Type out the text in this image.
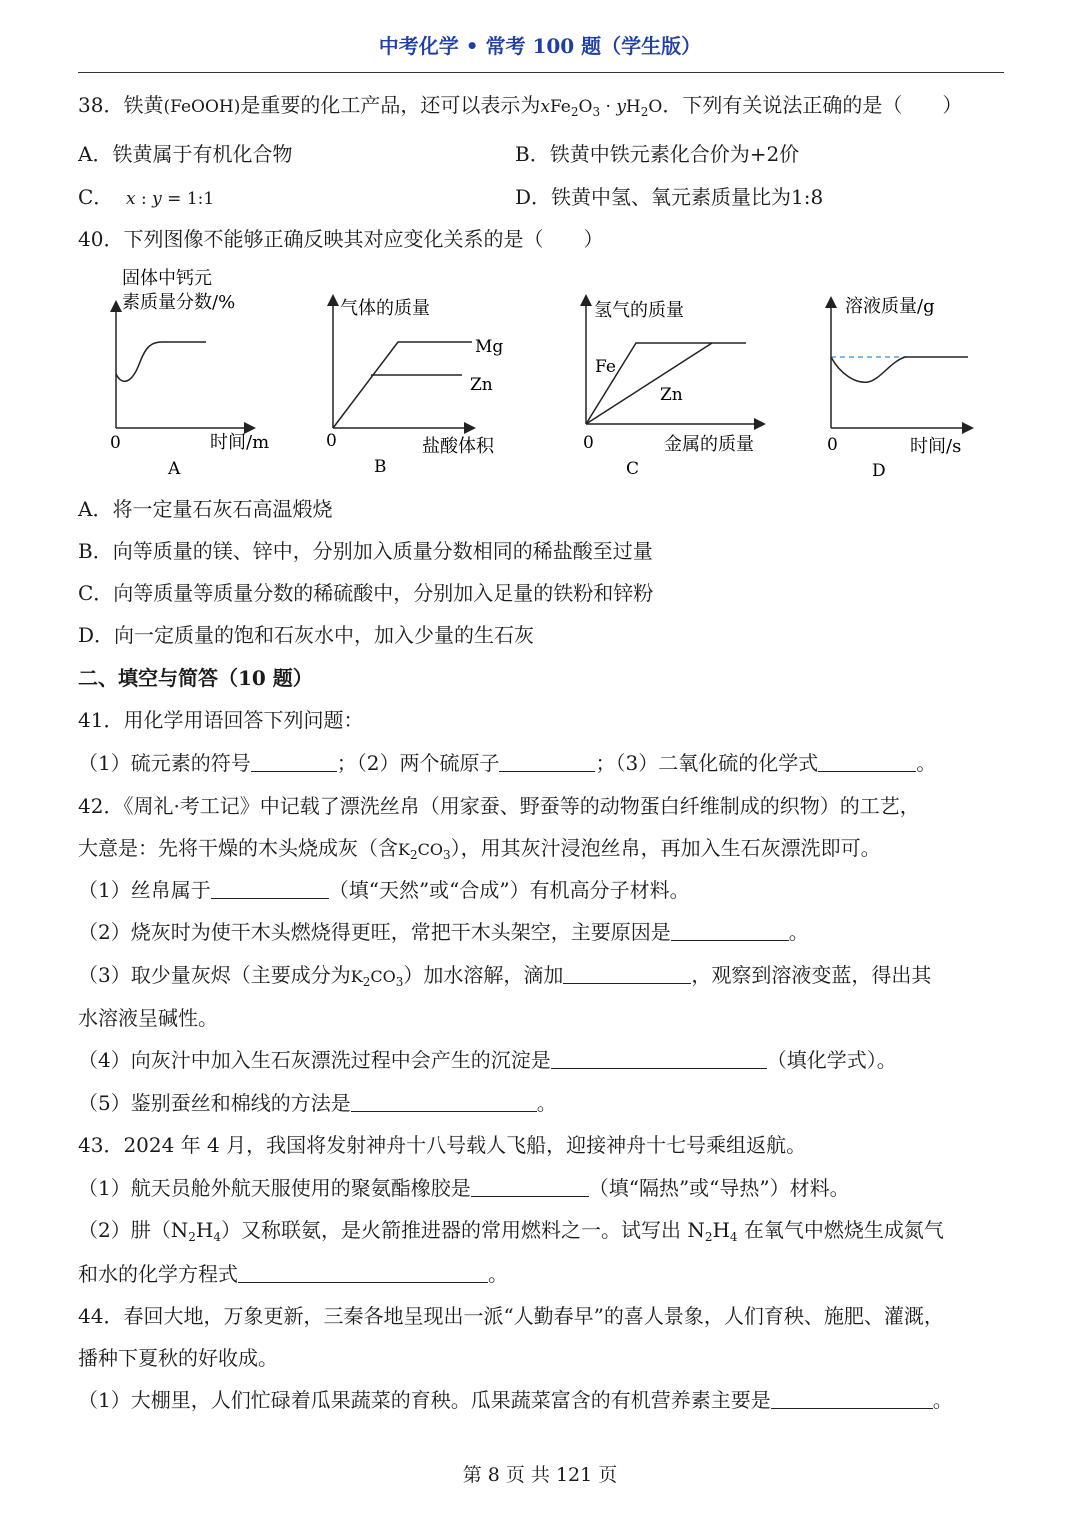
中考化学 • 常考 100 题（学生版）
38．铁黄(FeOOH)是重要的化工产品，还可以表示为$xFe_2O_3 \cdot yH_2O$．下列有关说法正确的是（　　）
A．铁黄属于有机化合物	B．铁黄中铁元素化合价为+2价
C． x : y = 1:1	D．铁黄中氢、氧元素质量比为1:8
40．下列图像不能够正确反映其对应变化关系的是（　　）
固体中钙元
素质量分数/%
0	时间/m
A
气体的质量
Mg
Zn
0	盐酸体积
B
氢气的质量
Fe
Zn
0	金属的质量
C
溶液质量/g
0	时间/s
D
A．将一定量石灰石高温煅烧
B．向等质量的镁、锌中，分别加入质量分数相同的稀盐酸至过量
C．向等质量等质量分数的稀硫酸中，分别加入足量的铁粉和锌粉
D．向一定质量的饱和石灰水中，加入少量的生石灰
二、填空与简答（10 题）
41．用化学用语回答下列问题：
（1）硫元素的符号	；（2）两个硫原子	；（3）二氧化硫的化学式	。
42．《周礼·考工记》中记载了漂洗丝帛（用家蚕、野蚕等的动物蛋白纤维制成的织物）的工艺，
大意是：先将干燥的木头烧成灰（含$K_2CO_3$），用其灰汁浸泡丝帛，再加入生石灰漂洗即可。
（1）丝帛属于	（填“天然”或“合成”）有机高分子材料。
（2）烧灰时为使干木头燃烧得更旺，常把干木头架空，主要原因是	。
（3）取少量灰烬（主要成分为$K_2CO_3$）加水溶解，滴加	，观察到溶液变蓝，得出其
水溶液呈碱性。
（4）向灰汁中加入生石灰漂洗过程中会产生的沉淀是	（填化学式）。
（5）鉴别蚕丝和棉线的方法是	。
43．2024 年 4 月，我国将发射神舟十八号载人飞船，迎接神舟十七号乘组返航。
（1）航天员舱外航天服使用的聚氨酯橡胶是	（填“隔热”或“导热”）材料。
（2）肼$(N_2H_4)$又称联氨，是火箭推进器的常用燃料之一。试写出 $N_2H_4$ 在氧气中燃烧生成氮气
和水的化学方程式	。
44．春回大地，万象更新，三秦各地呈现出一派“人勤春早”的喜人景象，人们育秧、施肥、灌溉，
播种下夏秋的好收成。
（1）大棚里，人们忙碌着瓜果蔬菜的育秧。瓜果蔬菜富含的有机营养素主要是	。
第 8 页 共 121 页
